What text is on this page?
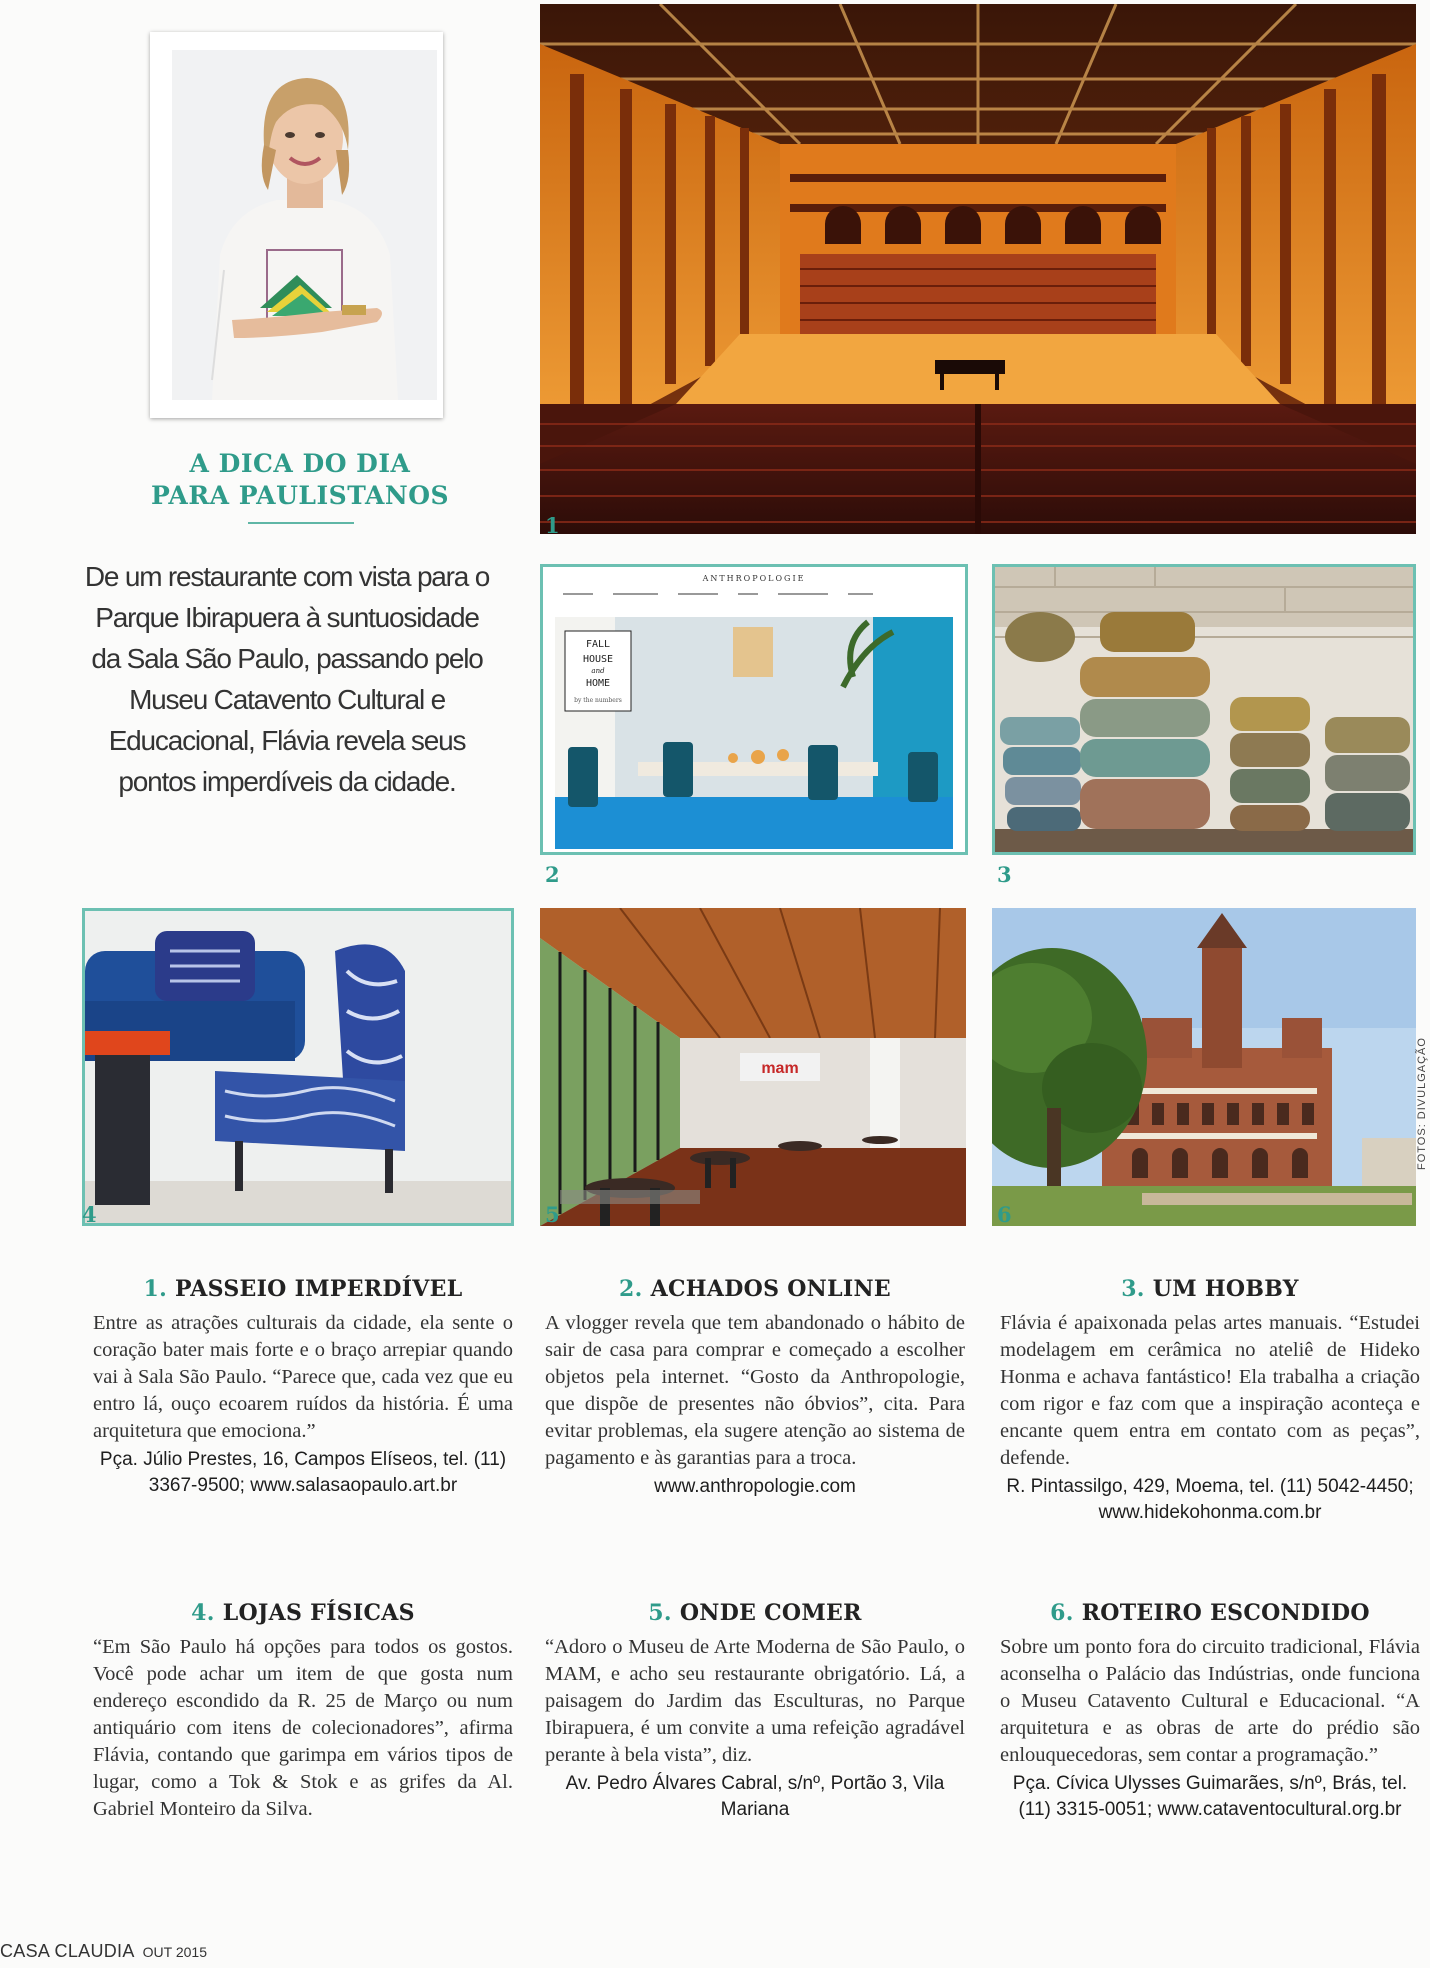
A DICA DO DIA
PARA PAULISTANOS
De um restaurante com vista para o Parque Ibirapuera à suntuosidade da Sala São Paulo, passando pelo Museu Catavento Cultural e Educacional, Flávia revela seus pontos imperdíveis da cidade.
1
ANTHROPOLOGIE
FALL
HOUSE
and
HOME
by the numbers
2	3
4
mam
5	6
FOTOS: DIVULGAÇÃO
1. PASSEIO IMPERDÍVEL
Entre as atrações culturais da cidade, ela sente o coração bater mais forte e o braço arrepiar quando vai à Sala São Paulo. “Parece que, cada vez que eu entro lá, ouço ecoarem ruídos da história. É uma arquitetura que emociona.”
Pça. Júlio Prestes, 16, Campos Elíseos, tel. (11) 3367-9500; www.salasaopaulo.art.br
2. ACHADOS ONLINE
A vlogger revela que tem abandonado o hábito de sair de casa para comprar e começado a escolher objetos pela internet. “Gosto da Anthropologie, que dispõe de presentes não óbvios”, cita. Para evitar problemas, ela sugere atenção ao sistema de pagamento e às garantias para a troca.
www.anthropologie.com
3. UM HOBBY
Flávia é apaixonada pelas artes manuais. “Estudei modelagem em cerâmica no ateliê de Hideko Honma e achava fantástico! Ela trabalha a criação com rigor e faz com que a inspiração aconteça e encante quem entra em contato com as peças”, defende.
R. Pintassilgo, 429, Moema, tel. (11) 5042-4450; www.hidekohonma.com.br
4. LOJAS FÍSICAS
“Em São Paulo há opções para todos os gostos. Você pode achar um item de que gosta num endereço escondido da R. 25 de Março ou num antiquário com itens de colecionadores”, afirma Flávia, contando que garimpa em vários tipos de lugar, como a Tok & Stok e as grifes da Al. Gabriel Monteiro da Silva.
5. ONDE COMER
“Adoro o Museu de Arte Moderna de São Paulo, o MAM, e acho seu restaurante obrigatório. Lá, a paisagem do Jardim das Esculturas, no Parque Ibirapuera, é um convite a uma refeição agradável perante à bela vista”, diz.
Av. Pedro Álvares Cabral, s/nº, Portão 3, Vila Mariana
6. ROTEIRO ESCONDIDO
Sobre um ponto fora do circuito tradicional, Flávia aconselha o Palácio das Indústrias, onde funciona o Museu Catavento Cultural e Educacional. “A arquitetura e as obras de arte do prédio são enlouquecedoras, sem contar a programação.”
Pça. Cívica Ulysses Guimarães, s/nº, Brás, tel. (11) 3315-0051; www.cataventocultural.org.br
CASA CLAUDIA OUT 2015
